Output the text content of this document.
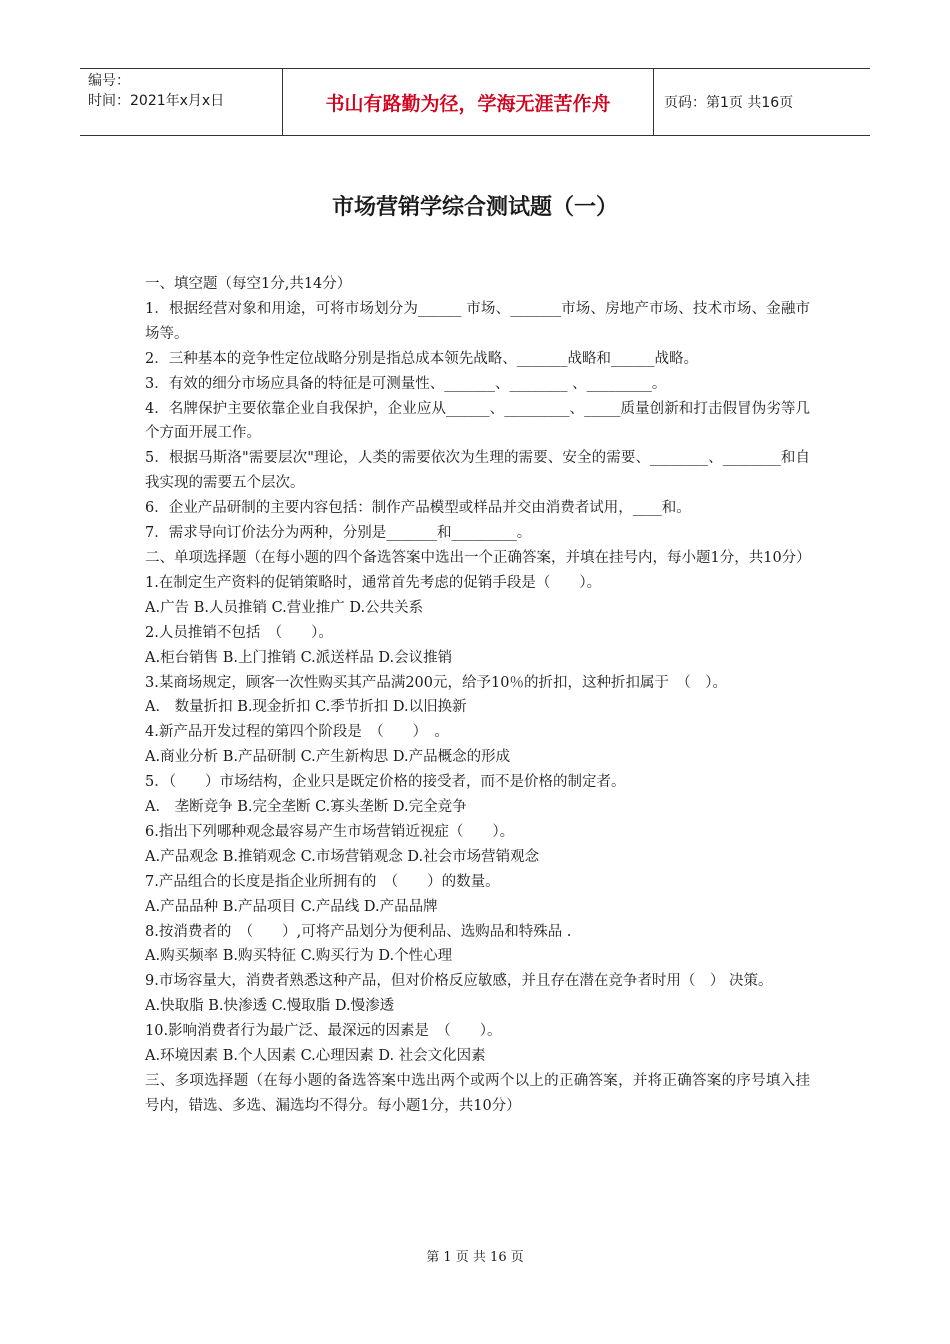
编号：
时间：2021年x月x日	书山有路勤为径，学海无涯苦作舟	页码：第1页 共16页
市场营销学综合测试题（一）

一、填空题（每空1分,共14分）

1．根据经营对象和用途，可将市场划分为______ 市场、_______市场、房地产市场、技术市场、金融市场等。

2．三种基本的竞争性定位战略分别是指总成本领先战略、_______战略和______战略。

3．有效的细分市场应具备的特征是可测量性、_______、________ 、_________。

4．名牌保护主要依靠企业自我保护，企业应从______、_________、_____质量创新和打击假冒伪劣等几个方面开展工作。

5．根据马斯洛"需要层次"理论，人类的需要依次为生理的需要、安全的需要、________、________和自我实现的需要五个层次。

6．企业产品研制的主要内容包括：制作产品模型或样品并交由消费者试用，____和。

7．需求导向订价法分为两种，分别是_______和_________。

二、单项选择题（在每小题的四个备选答案中选出一个正确答案，并填在挂号内，每小题1分，共10分）

1.在制定生产资料的促销策略时，通常首先考虑的促销手段是（　　）。

A.广告 B.人员推销 C.营业推广 D.公共关系

2.人员推销不包括　（　　）。

A.柜台销售 B.上门推销 C.派送样品 D.会议推销

3.某商场规定，顾客一次性购买其产品满200元，给予10％的折扣，这种折扣属于　（　）。

A． 数量折扣 B.现金折扣 C.季节折扣 D.以旧换新

4.新产品开发过程的第四个阶段是　（　　）　。

A.商业分析 B.产品研制 C.产生新构思 D.产品概念的形成

5．（　　）市场结构，企业只是既定价格的接受者，而不是价格的制定者。

A． 垄断竞争 B.完全垄断 C.寡头垄断 D.完全竞争

6.指出下列哪种观念最容易产生市场营销近视症（　　）。

A.产品观念 B.推销观念 C.市场营销观念 D.社会市场营销观念

7.产品组合的长度是指企业所拥有的　（　　）的数量。

A.产品品种 B.产品项目 C.产品线 D.产品品牌

8.按消费者的　（　　）,可将产品划分为便利品、选购品和特殊品 .

A.购买频率 B.购买特征 C.购买行为 D.个性心理

9.市场容量大，消费者熟悉这种产品，但对价格反应敏感，并且存在潜在竞争者时用（　） 决策。

A.快取脂 B.快渗透 C.慢取脂 D.慢渗透

10.影响消费者行为最广泛、最深远的因素是　（　　）。

A.环境因素 B.个人因素 C.心理因素 D. 社会文化因素

三、多项选择题（在每小题的备选答案中选出两个或两个以上的正确答案，并将正确答案的序号填入挂号内，错选、多选、漏选均不得分。每小题1分，共10分）

第 1 页 共 16 页
